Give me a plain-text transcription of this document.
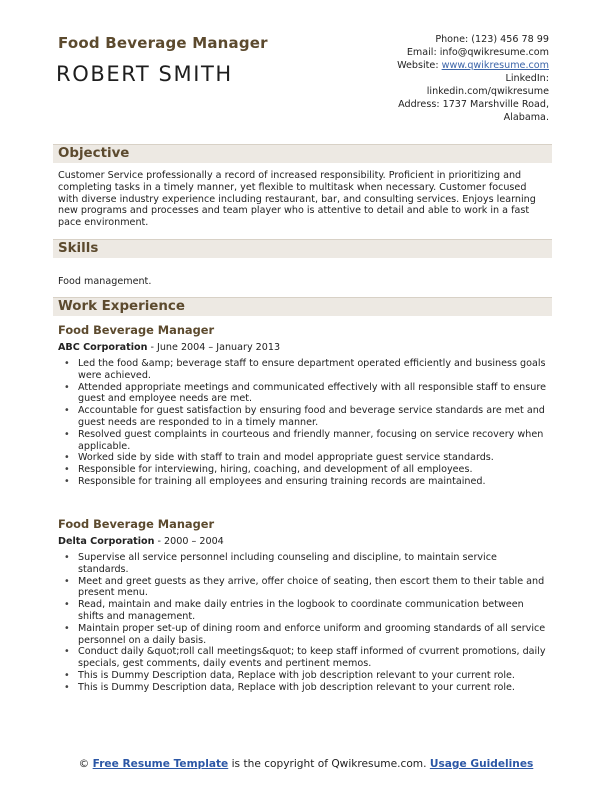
Food Beverage Manager
ROBERT SMITH
Phone: (123) 456 78 99
Email: info@qwikresume.com
Website: www.qwikresume.com
LinkedIn:
linkedin.com/qwikresume
Address: 1737 Marshville Road,
Alabama.
Objective
Customer Service professionally a record of increased responsibility. Proficient in prioritizing and completing tasks in a timely manner, yet flexible to multitask when necessary. Customer focused with diverse industry experience including restaurant, bar, and consulting services. Enjoys learning new programs and processes and team player who is attentive to detail and able to work in a fast pace environment.
Skills
Food management.
Work Experience
Food Beverage Manager
ABC Corporation - June 2004 – January 2013
• Led the food &amp; beverage staff to ensure department operated efficiently and business goals were achieved.
• Attended appropriate meetings and communicated effectively with all responsible staff to ensure guest and employee needs are met.
• Accountable for guest satisfaction by ensuring food and beverage service standards are met and guest needs are responded to in a timely manner.
• Resolved guest complaints in courteous and friendly manner, focusing on service recovery when applicable.
• Worked side by side with staff to train and model appropriate guest service standards.
• Responsible for interviewing, hiring, coaching, and development of all employees.
• Responsible for training all employees and ensuring training records are maintained.
Food Beverage Manager
Delta Corporation - 2000 – 2004
• Supervise all service personnel including counseling and discipline, to maintain service standards.
• Meet and greet guests as they arrive, offer choice of seating, then escort them to their table and present menu.
• Read, maintain and make daily entries in the logbook to coordinate communication between shifts and management.
• Maintain proper set-up of dining room and enforce uniform and grooming standards of all service personnel on a daily basis.
• Conduct daily &quot;roll call meetings&quot; to keep staff informed of cvurrent promotions, daily specials, gest comments, daily events and pertinent memos.
• This is Dummy Description data, Replace with job description relevant to your current role.
• This is Dummy Description data, Replace with job description relevant to your current role.
© Free Resume Template is the copyright of Qwikresume.com. Usage Guidelines
